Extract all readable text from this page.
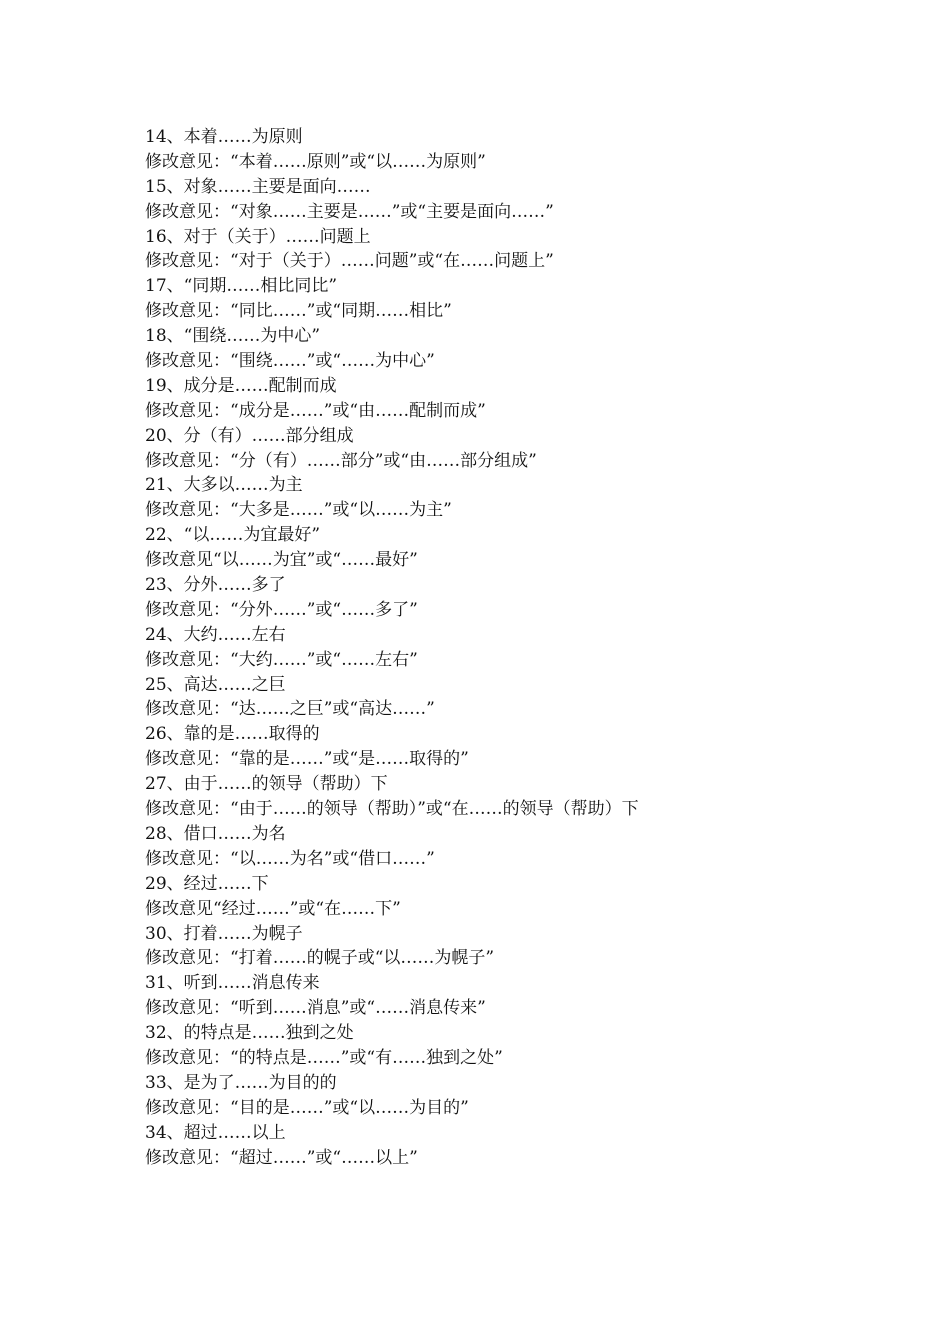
14、本着……为原则
修改意见：“本着……原则”或“以……为原则”
15、对象……主要是面向……
修改意见：“对象……主要是……”或“主要是面向……”
16、对于（关于）……问题上
修改意见：“对于（关于）……问题”或“在……问题上”
17、“同期……相比同比”
修改意见：“同比……”或“同期……相比”
18、“围绕……为中心”
修改意见：“围绕……”或“……为中心”
19、成分是……配制而成
修改意见：“成分是……”或“由……配制而成”
20、分（有）……部分组成
修改意见：“分（有）……部分”或“由……部分组成”
21、大多以……为主
修改意见：“大多是……”或“以……为主”
22、“以……为宜最好”
修改意见“以……为宜”或“……最好”
23、分外……多了
修改意见：“分外……”或“……多了”
24、大约……左右
修改意见：“大约……”或“……左右”
25、高达……之巨
修改意见：“达……之巨”或“高达……”
26、靠的是……取得的
修改意见：“靠的是……”或“是……取得的”
27、由于……的领导（帮助）下
修改意见：“由于……的领导（帮助）”或“在……的领导（帮助）下
28、借口……为名
修改意见：“以……为名”或“借口……”
29、经过……下
修改意见“经过……”或“在……下”
30、打着……为幌子
修改意见：“打着……的幌子或“以……为幌子”
31、听到……消息传来
修改意见：“听到……消息”或“……消息传来”
32、的特点是……独到之处
修改意见：“的特点是……”或“有……独到之处”
33、是为了……为目的的
修改意见：“目的是……”或“以……为目的”
34、超过……以上
修改意见：“超过……”或“……以上”
